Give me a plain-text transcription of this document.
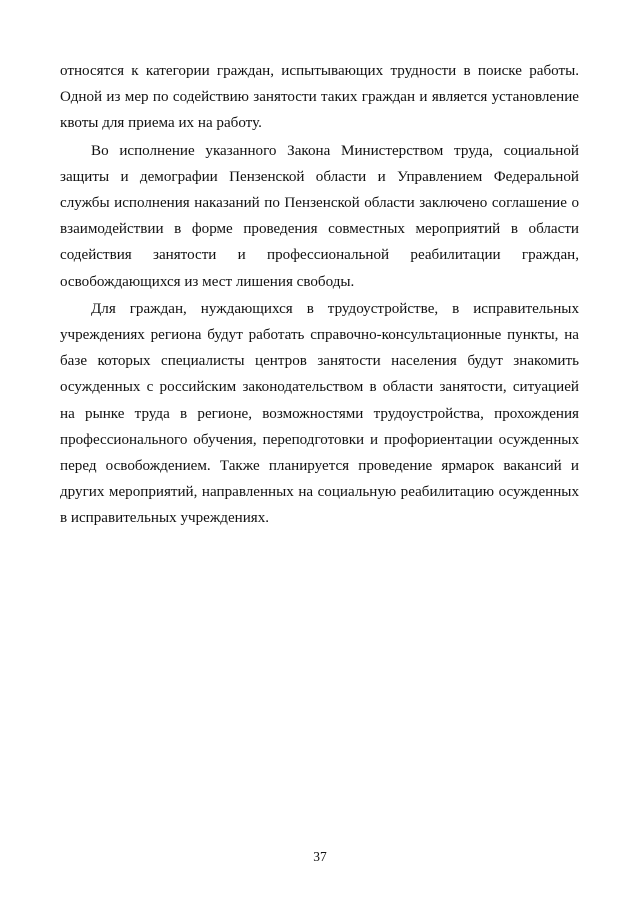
относятся к категории граждан, испытывающих трудности в поиске работы. Одной из мер по содействию занятости таких граждан и является установление квоты для приема их на работу.

Во исполнение указанного Закона Министерством труда, социальной защиты и демографии Пензенской области и Управлением Федеральной службы исполнения наказаний по Пензенской области заключено соглашение о взаимодействии в форме проведения совместных мероприятий в области содействия занятости и профессиональной реабилитации граждан, освобождающихся из мест лишения свободы.

Для граждан, нуждающихся в трудоустройстве, в исправительных учреждениях региона будут работать справочно-консультационные пункты, на базе которых специалисты центров занятости населения будут знакомить осужденных с российским законодательством в области занятости, ситуацией на рынке труда в регионе, возможностями трудоустройства, прохождения профессионального обучения, переподготовки и профориентации осужденных перед освобождением. Также планируется проведение ярмарок вакансий и других мероприятий, направленных на социальную реабилитацию осужденных в исправительных учреждениях.

37
